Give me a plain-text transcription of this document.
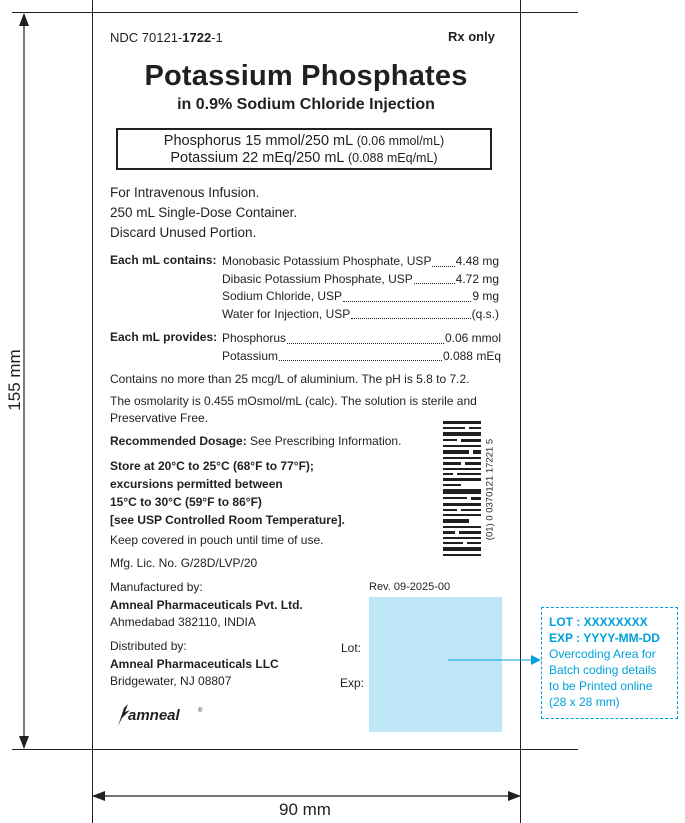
155 mm
90 mm
NDC 70121-1722-1	Rx only
Potassium Phosphates
in 0.9% Sodium Chloride Injection
Phosphorus 15 mmol/250 mL (0.06 mmol/mL)
Potassium 22 mEq/250 mL (0.088 mEq/mL)
For Intravenous Infusion.
250 mL Single-Dose Container.
Discard Unused Portion.
Each mL contains: Monobasic Potassium Phosphate, USP 4.48 mg
Dibasic Potassium Phosphate, USP	4.72 mg
Sodium Chloride, USP	9 mg
Water for Injection, USP	(q.s.)
Each mL provides: Phosphorus	0.06 mmol
Potassium	0.088 mEq
Contains no more than 25 mcg/L of aluminium. The pH is 5.8 to 7.2.
The osmolarity is 0.455 mOsmol/mL (calc). The solution is sterile and
Preservative Free.
Recommended Dosage: See Prescribing Information.
Store at 20°C to 25°C (68°F to 77°F);
excursions permitted between
15°C to 30°C (59°F to 86°F)
[see USP Controlled Room Temperature].
Keep covered in pouch until time of use.
Mfg. Lic. No. G/28D/LVP/20
Manufactured by:
Amneal Pharmaceuticals Pvt. Ltd.
Ahmedabad 382110, INDIA
Distributed by:
Amneal Pharmaceuticals LLC
Bridgewater, NJ 08807
amneal	®
Rev. 09-2025-00
Lot:
Exp:
LOT : XXXXXXXX
EXP : YYYY-MM-DD
Overcoding Area for
Batch coding details
to be Printed online
(28 x 28 mm)
(01) 0 0370121 17221 5
